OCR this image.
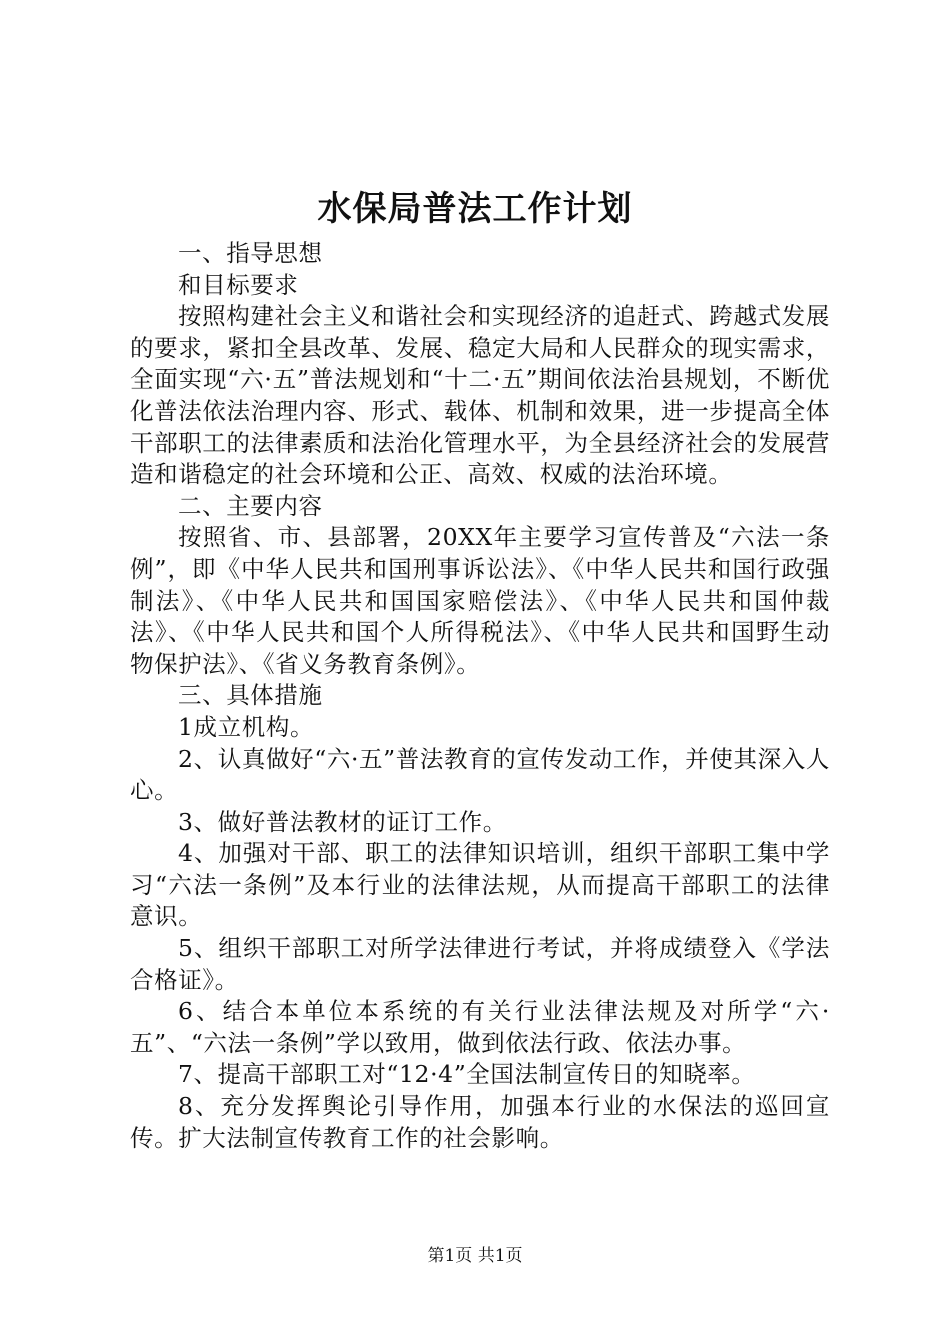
水保局普法工作计划

一、指导思想

和目标要求

按照构建社会主义和谐社会和实现经济的追赶式、跨越式发展的要求，紧扣全县改革、发展、稳定大局和人民群众的现实需求，全面实现“六·五”普法规划和“十二·五”期间依法治县规划，不断优化普法依法治理内容、形式、载体、机制和效果，进一步提高全体干部职工的法律素质和法治化管理水平，为全县经济社会的发展营造和谐稳定的社会环境和公正、高效、权威的法治环境。

二、主要内容

按照省、市、县部署，20XX年主要学习宣传普及“六法一条例”，即《中华人民共和国刑事诉讼法》、《中华人民共和国行政强制法》、《中华人民共和国国家赔偿法》、《中华人民共和国仲裁法》、《中华人民共和国个人所得税法》、《中华人民共和国野生动物保护法》、《省义务教育条例》。

三、具体措施

1成立机构。

2、认真做好“六·五”普法教育的宣传发动工作，并使其深入人心。

3、做好普法教材的证订工作。

4、加强对干部、职工的法律知识培训，组织干部职工集中学习“六法一条例”及本行业的法律法规，从而提高干部职工的法律意识。

5、组织干部职工对所学法律进行考试，并将成绩登入《学法合格证》。

6、结合本单位本系统的有关行业法律法规及对所学“六·五”、“六法一条例”学以致用，做到依法行政、依法办事。

7、提高干部职工对“12·4”全国法制宣传日的知晓率。

8、充分发挥舆论引导作用，加强本行业的水保法的巡回宣传。扩大法制宣传教育工作的社会影响。

第1页 共1页
